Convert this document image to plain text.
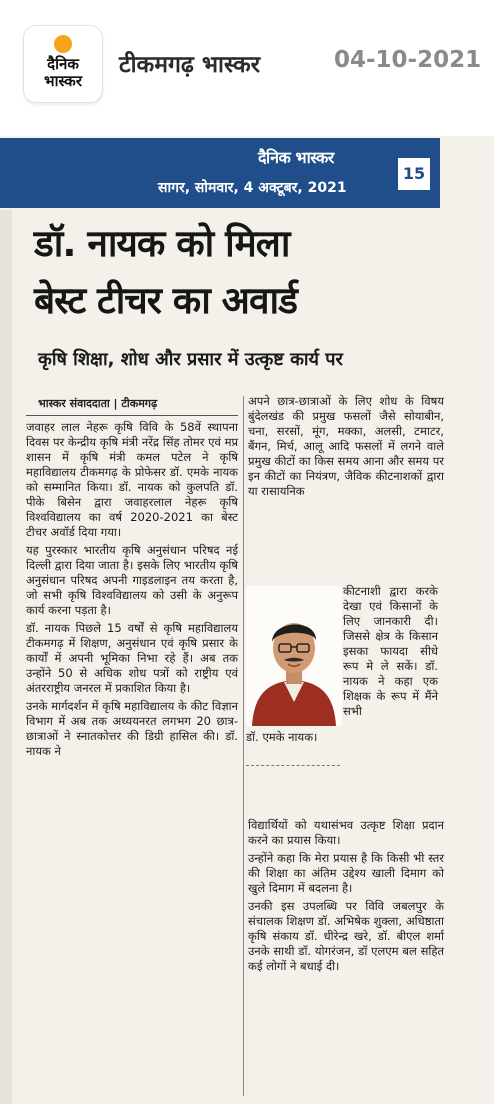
दैनिक
भास्कर
टीकमगढ़ भास्कर	04-10-2021
दैनिक भास्कर
सागर, सोमवार, 4 अक्टूबर, 2021
15
डॉ. नायक को मिला
बेस्ट टीचर का अवार्ड
कृषि शिक्षा, शोध और प्रसार में उत्कृष्ट कार्य पर
भास्कर संवाददाता | टीकमगढ़

जवाहर लाल नेहरू कृषि विवि के 58वें स्थापना दिवस पर केन्द्रीय कृषि मंत्री नरेंद्र सिंह तोमर एवं मप्र शासन में कृषि मंत्री कमल पटेल ने कृषि महाविद्यालय टीकमगढ़ के प्रोफेसर डॉ. एमके नायक को सम्मानित किया। डॉ. नायक को कुलपति डॉ. पीके बिसेन द्वारा जवाहरलाल नेहरू कृषि विश्वविद्यालय का वर्ष 2020-2021 का बेस्ट टीचर अवॉर्ड दिया गया।

यह पुरस्कार भारतीय कृषि अनुसंधान परिषद नई दिल्ली द्वारा दिया जाता है। इसके लिए भारतीय कृषि अनुसंधान परिषद अपनी गाइडलाइन तय करता है, जो सभी कृषि विश्वविद्यालय को उसी के अनुरूप कार्य करना पड़ता है।

डॉ. नायक पिछले 15 वर्षों से कृषि महाविद्यालय टीकमगढ़ में शिक्षण, अनुसंधान एवं कृषि प्रसार के कार्यों में अपनी भूमिका निभा रहे हैं। अब तक उन्होंने 50 से अधिक शोध पत्रों को राष्ट्रीय एवं अंतरराष्ट्रीय जनरल में प्रकाशित किया है।

उनके मार्गदर्शन में कृषि महाविद्यालय के कीट विज्ञान विभाग में अब तक अध्ययनरत लगभग 20 छात्र-छात्राओं ने स्नातकोत्तर की डिग्री हासिल की। डॉ. नायक ने

अपने छात्र-छात्राओं के लिए शोध के विषय बुंदेलखंड की प्रमुख फसलों जैसे सोयाबीन, चना, सरसों, मूंग, मक्का, अलसी, टमाटर, बैंगन, मिर्च, आलू आदि फसलों में लगने वाले प्रमुख कीटों का किस समय आना और समय पर इन कीटों का नियंत्रण, जैविक कीटनाशकों द्वारा या रासायनिक

कीटनाशी द्वारा करके देखा एवं किसानों के लिए जानकारी दी। जिससे क्षेत्र के किसान इसका फायदा सीधे रूप मे ले सकें। डॉ. नायक ने कहा एक शिक्षक के रूप में मैंने सभी

डॉ. एमके नायक।

विद्यार्थियों को यथासंभव उत्कृष्ट शिक्षा प्रदान करने का प्रयास किया।

उन्होंने कहा कि मेरा प्रयास है कि किसी भी स्तर की शिक्षा का अंतिम उद्देश्य खाली दिमाग को खुले दिमाग में बदलना है।

उनकी इस उपलब्धि पर विवि जबलपुर के संचालक शिक्षण डॉ. अभिषेक शुक्ला, अधिष्ठाता कृषि संकाय डॉ. धीरेन्द्र खरे, डॉ. बीएल शर्मा उनके साथी डॉ. योगरंजन, डॉ एलएम बल सहित कई लोगों ने बधाई दी।
